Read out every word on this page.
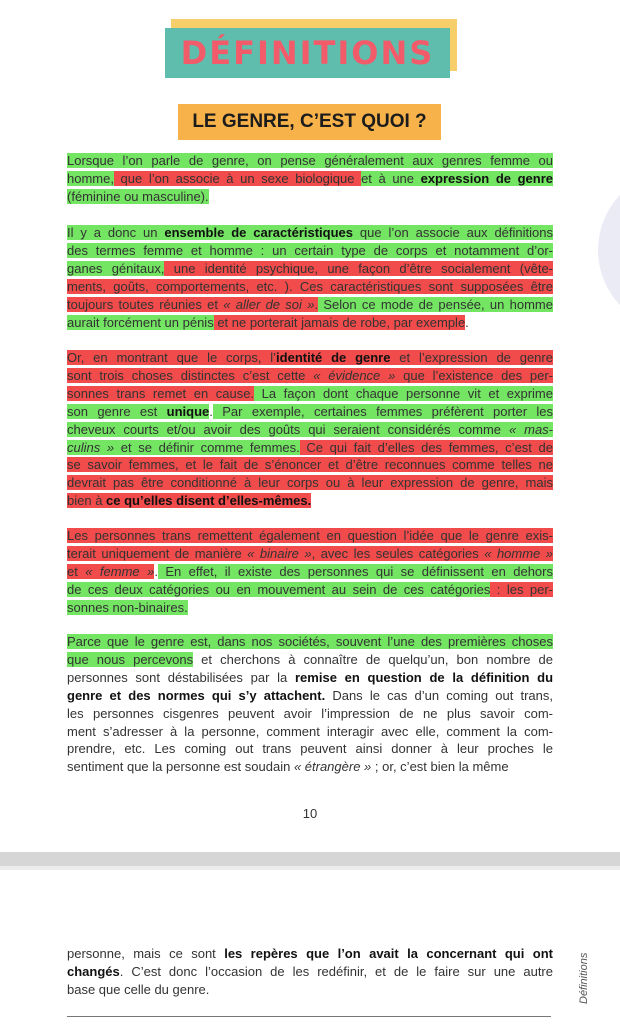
DÉFINITIONS
LE GENRE, C’EST QUOI ?
Lorsque l’on parle de genre, on pense généralement aux genres femme ou
homme, que l’on associe à un sexe biologique et à une expression de genre
(féminine ou masculine).
Il y a donc un ensemble de caractéristiques que l’on associe aux définitions
des termes femme et homme : un certain type de corps et notamment d’or-
ganes génitaux, une identité psychique, une façon d’être socialement (vête-
ments, goûts, comportements, etc. ). Ces caractéristiques sont supposées être
toujours toutes réunies et « aller de soi ». Selon ce mode de pensée, un homme
aurait forcément un pénis et ne porterait jamais de robe, par exemple.
Or, en montrant que le corps, l’identité de genre et l’expression de genre
sont trois choses distinctes c’est cette « évidence » que l’existence des per-
sonnes trans remet en cause. La façon dont chaque personne vit et exprime
son genre est unique. Par exemple, certaines femmes préfèrent porter les
cheveux courts et/ou avoir des goûts qui seraient considérés comme « mas-
culins » et se définir comme femmes. Ce qui fait d’elles des femmes, c’est de
se savoir femmes, et le fait de s’énoncer et d’être reconnues comme telles ne
devrait pas être conditionné à leur corps ou à leur expression de genre, mais
bien à ce qu’elles disent d’elles-mêmes.
Les personnes trans remettent également en question l’idée que le genre exis-
terait uniquement de manière « binaire », avec les seules catégories « homme »
et « femme ». En effet, il existe des personnes qui se définissent en dehors
de ces deux catégories ou en mouvement au sein de ces catégories : les per-
sonnes non-binaires.
Parce que le genre est, dans nos sociétés, souvent l’une des premières choses
que nous percevons et cherchons à connaître de quelqu’un, bon nombre de
personnes sont déstabilisées par la remise en question de la définition du
genre et des normes qui s’y attachent. Dans le cas d’un coming out trans,
les personnes cisgenres peuvent avoir l’impression de ne plus savoir com-
ment s’adresser à la personne, comment interagir avec elle, comment la com-
prendre, etc. Les coming out trans peuvent ainsi donner à leur proches le
sentiment que la personne est soudain « étrangère » ; or, c’est bien la même
10
personne, mais ce sont les repères que l’on avait la concernant qui ont
changés. C’est donc l’occasion de les redéfinir, et de le faire sur une autre
base que celle du genre.	Définitions
